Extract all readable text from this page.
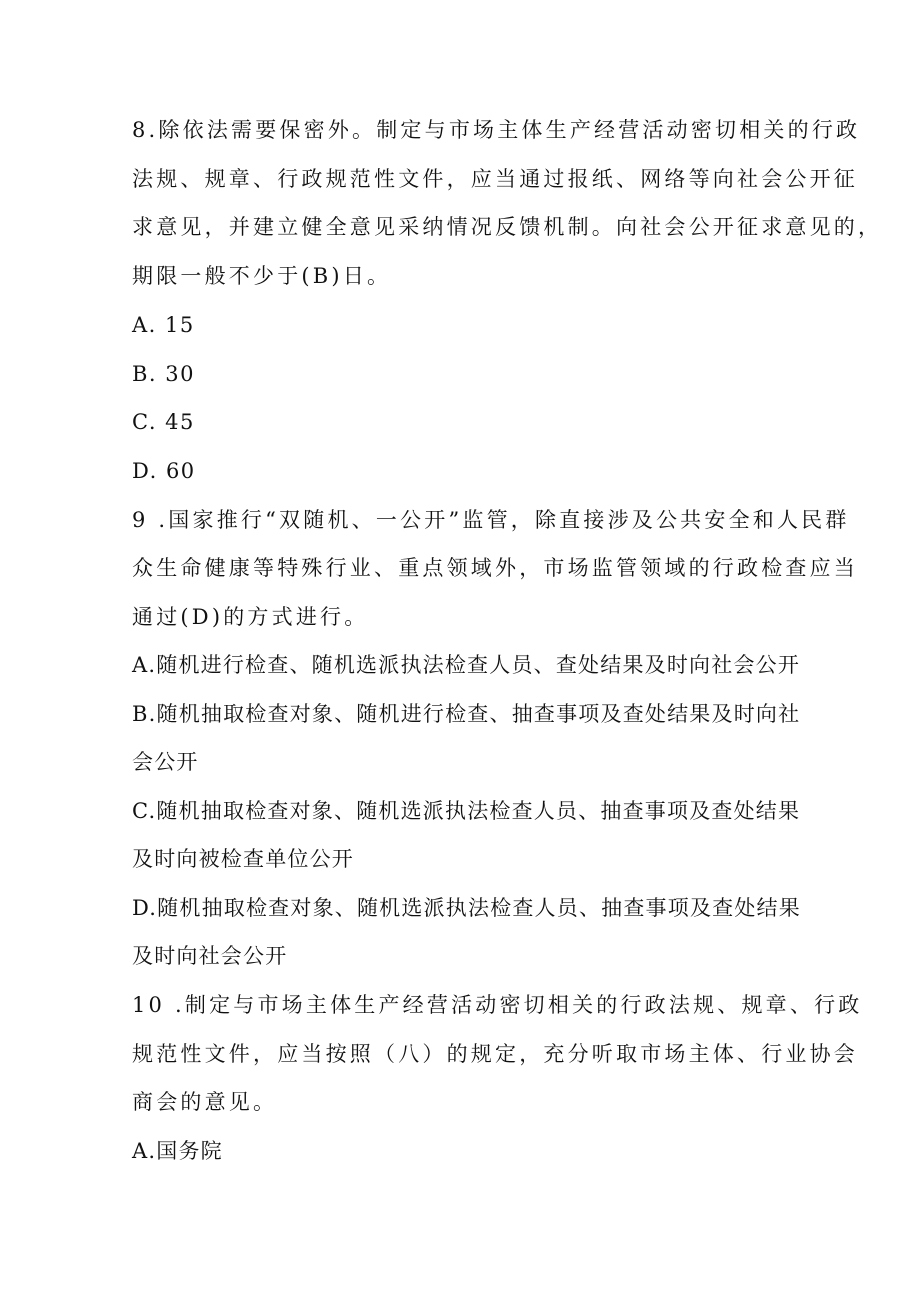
8.除依法需要保密外。制定与市场主体生产经营活动密切相关的行政
法规、规章、行政规范性文件，应当通过报纸、网络等向社会公开征
求意见，并建立健全意见采纳情况反馈机制。向社会公开征求意见的，
期限一般不少于(B)日。
A. 15
B. 30
C. 45
D. 60
9 .国家推行“双随机、一公开”监管，除直接涉及公共安全和人民群
众生命健康等特殊行业、重点领域外，市场监管领域的行政检查应当
通过(D)的方式进行。
A.随机进行检查、随机选派执法检查人员、查处结果及时向社会公开
B.随机抽取检查对象、随机进行检查、抽查事项及查处结果及时向社
会公开
C.随机抽取检查对象、随机选派执法检查人员、抽查事项及查处结果
及时向被检查单位公开
D.随机抽取检查对象、随机选派执法检查人员、抽查事项及查处结果
及时向社会公开
10 .制定与市场主体生产经营活动密切相关的行政法规、规章、行政
规范性文件，应当按照（八）的规定，充分听取市场主体、行业协会
商会的意见。
A.国务院
